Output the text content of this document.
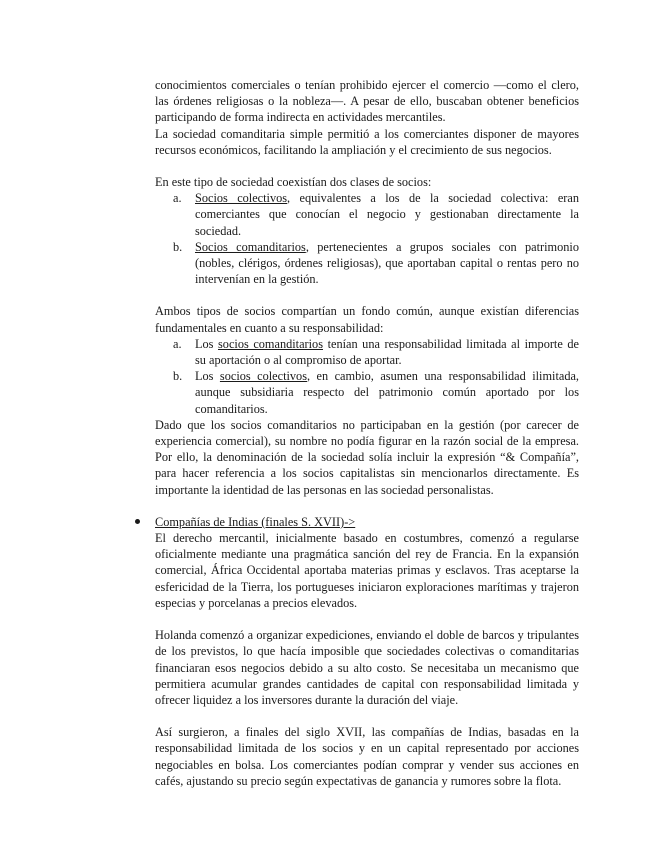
conocimientos comerciales o tenían prohibido ejercer el comercio —como el clero, las órdenes religiosas o la nobleza—. A pesar de ello, buscaban obtener beneficios participando de forma indirecta en actividades mercantiles.

La sociedad comanditaria simple permitió a los comerciantes disponer de mayores recursos económicos, facilitando la ampliación y el crecimiento de sus negocios.

En este tipo de sociedad coexistían dos clases de socios:

a. Socios colectivos, equivalentes a los de la sociedad colectiva: eran comerciantes que conocían el negocio y gestionaban directamente la sociedad.
b. Socios comanditarios, pertenecientes a grupos sociales con patrimonio (nobles, clérigos, órdenes religiosas), que aportaban capital o rentas pero no intervenían en la gestión.

Ambos tipos de socios compartían un fondo común, aunque existían diferencias fundamentales en cuanto a su responsabilidad:

a. Los socios comanditarios tenían una responsabilidad limitada al importe de su aportación o al compromiso de aportar.
b. Los socios colectivos, en cambio, asumen una responsabilidad ilimitada, aunque subsidiaria respecto del patrimonio común aportado por los comanditarios.

Dado que los socios comanditarios no participaban en la gestión (por carecer de experiencia comercial), su nombre no podía figurar en la razón social de la empresa. Por ello, la denominación de la sociedad solía incluir la expresión “& Compañía”, para hacer referencia a los socios capitalistas sin mencionarlos directamente. Es importante la identidad de las personas en las sociedad personalistas.

Compañías de Indias (finales S. XVII)->

El derecho mercantil, inicialmente basado en costumbres, comenzó a regularse oficialmente mediante una pragmática sanción del rey de Francia. En la expansión comercial, África Occidental aportaba materias primas y esclavos. Tras aceptarse la esfericidad de la Tierra, los portugueses iniciaron exploraciones marítimas y trajeron especias y porcelanas a precios elevados.

Holanda comenzó a organizar expediciones, enviando el doble de barcos y tripulantes de los previstos, lo que hacía imposible que sociedades colectivas o comanditarias financiaran esos negocios debido a su alto costo. Se necesitaba un mecanismo que permitiera acumular grandes cantidades de capital con responsabilidad limitada y ofrecer liquidez a los inversores durante la duración del viaje.

Así surgieron, a finales del siglo XVII, las compañías de Indias, basadas en la responsabilidad limitada de los socios y en un capital representado por acciones negociables en bolsa. Los comerciantes podían comprar y vender sus acciones en cafés, ajustando su precio según expectativas de ganancia y rumores sobre la flota.
